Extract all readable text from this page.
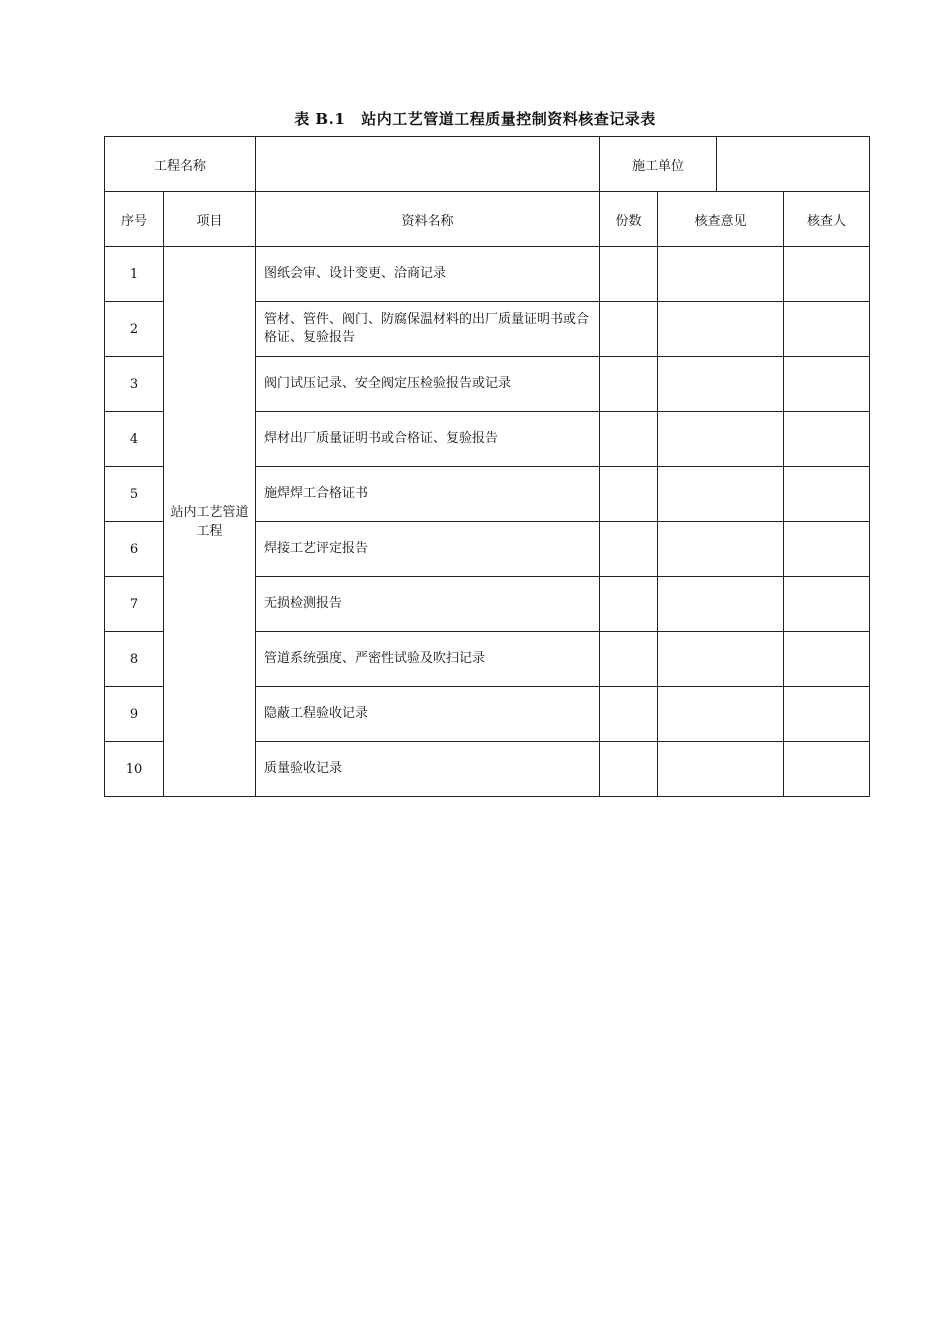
表 B.1 站内工艺管道工程质量控制资料核查记录表
工程名称			施工单位			
序号	项目	资料名称	份数	核查意见		核查人
1	站内工艺管道工程	图纸会审、设计变更、洽商记录				
2		管材、管件、阀门、防腐保温材料的出厂质量证明书或合格证、复验报告				
3		阀门试压记录、安全阀定压检验报告或记录				
4		焊材出厂质量证明书或合格证、复验报告				
5		施焊焊工合格证书				
6		焊接工艺评定报告				
7		无损检测报告				
8		管道系统强度、严密性试验及吹扫记录				
9		隐蔽工程验收记录				
10		质量验收记录				
